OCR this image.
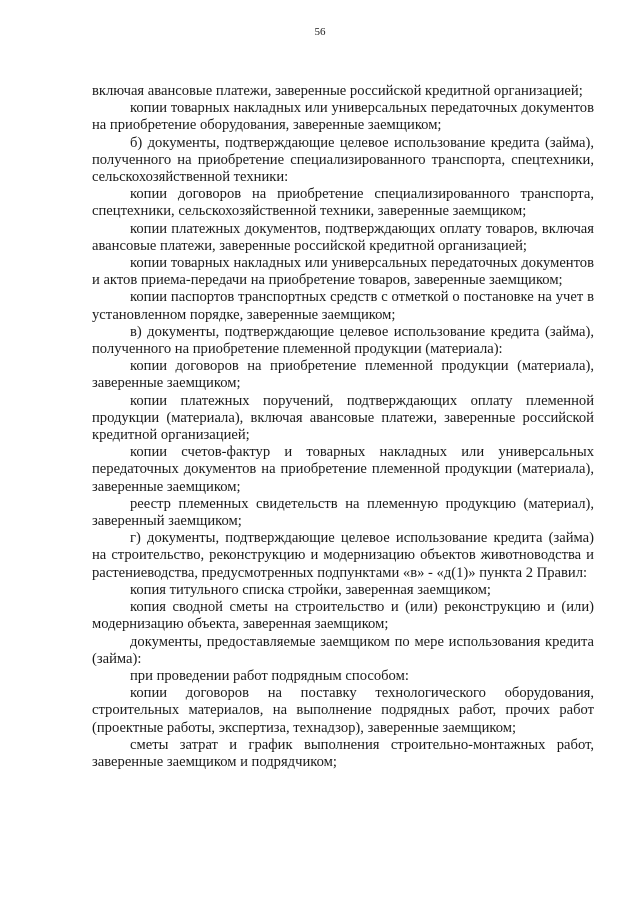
56

включая авансовые платежи, заверенные российской кредитной организацией;

копии товарных накладных или универсальных передаточных документов на приобретение оборудования, заверенные заемщиком;

б) документы, подтверждающие целевое использование кредита (займа), полученного на приобретение специализированного транспорта, спецтехники, сельскохозяйственной техники:

копии договоров на приобретение специализированного транспорта, спецтехники, сельскохозяйственной техники, заверенные заемщиком;

копии платежных документов, подтверждающих оплату товаров, включая авансовые платежи, заверенные российской кредитной организацией;

копии товарных накладных или универсальных передаточных документов и актов приема-передачи на приобретение товаров, заверенные заемщиком;

копии паспортов транспортных средств с отметкой о постановке на учет в установленном порядке, заверенные заемщиком;

в) документы, подтверждающие целевое использование кредита (займа), полученного на приобретение племенной продукции (материала):

копии договоров на приобретение племенной продукции (материала), заверенные заемщиком;

копии платежных поручений, подтверждающих оплату племенной продукции (материала), включая авансовые платежи, заверенные российской кредитной организацией;

копии счетов-фактур и товарных накладных или универсальных передаточных документов на приобретение племенной продукции (материала), заверенные заемщиком;

реестр племенных свидетельств на племенную продукцию (материал), заверенный заемщиком;

г) документы, подтверждающие целевое использование кредита (займа) на строительство, реконструкцию и модернизацию объектов животноводства и растениеводства, предусмотренных подпунктами «в» - «д(1)» пункта 2 Правил:

копия титульного списка стройки, заверенная заемщиком;

копия сводной сметы на строительство и (или) реконструкцию и (или) модернизацию объекта, заверенная заемщиком;

документы, предоставляемые заемщиком по мере использования кредита (займа):

при проведении работ подрядным способом:

копии договоров на поставку технологического оборудования, строительных материалов, на выполнение подрядных работ, прочих работ (проектные работы, экспертиза, технадзор), заверенные заемщиком;

сметы затрат и график выполнения строительно-монтажных работ, заверенные заемщиком и подрядчиком;
